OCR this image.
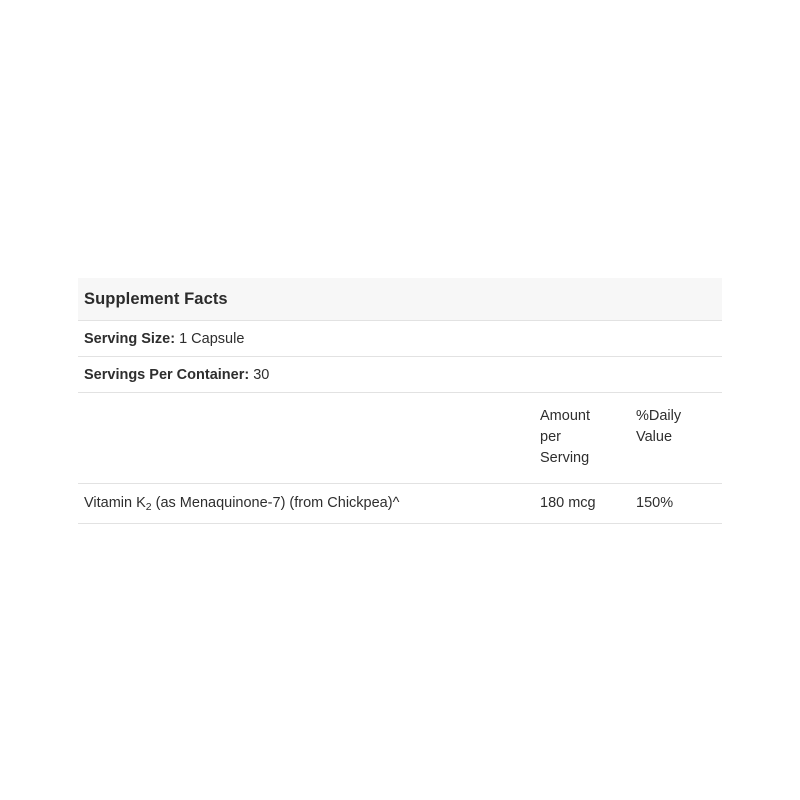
Supplement Facts
Serving Size: 1 Capsule
Servings Per Container: 30
Amount
per
Serving
%Daily
Value
Vitamin $K_2$ (as Menaquinone-7) (from Chickpea)^	180 mcg	150%
